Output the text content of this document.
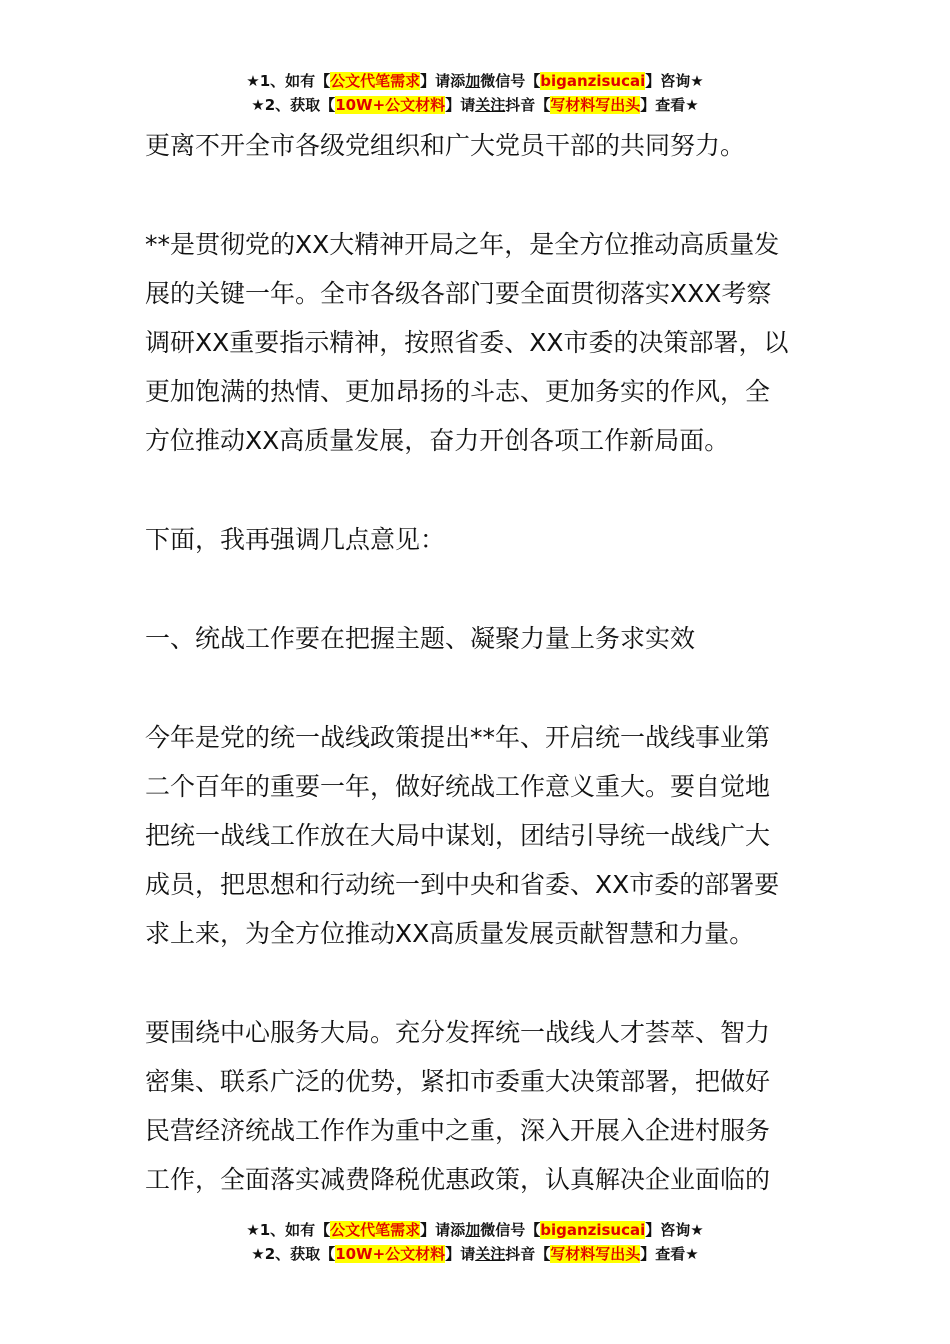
★1、如有【公文代笔需求】请添加微信号【biganzisucai】咨询★
★2、获取【10W+公文材料】请关注抖音【写材料写出头】查看★
更离不开全市各级党组织和广大党员干部的共同努力。
**是贯彻党的XX大精神开局之年，是全方位推动高质量发
展的关键一年。全市各级各部门要全面贯彻落实XXX考察
调研XX重要指示精神，按照省委、XX市委的决策部署，以
更加饱满的热情、更加昂扬的斗志、更加务实的作风，全
方位推动XX高质量发展，奋力开创各项工作新局面。
下面，我再强调几点意见：
一、统战工作要在把握主题、凝聚力量上务求实效
今年是党的统一战线政策提出**年、开启统一战线事业第
二个百年的重要一年，做好统战工作意义重大。要自觉地
把统一战线工作放在大局中谋划，团结引导统一战线广大
成员，把思想和行动统一到中央和省委、XX市委的部署要
求上来，为全方位推动XX高质量发展贡献智慧和力量。
要围绕中心服务大局。充分发挥统一战线人才荟萃、智力
密集、联系广泛的优势，紧扣市委重大决策部署，把做好
民营经济统战工作作为重中之重，深入开展入企进村服务
工作，全面落实减费降税优惠政策，认真解决企业面临的
★1、如有【公文代笔需求】请添加微信号【biganzisucai】咨询★
★2、获取【10W+公文材料】请关注抖音【写材料写出头】查看★
